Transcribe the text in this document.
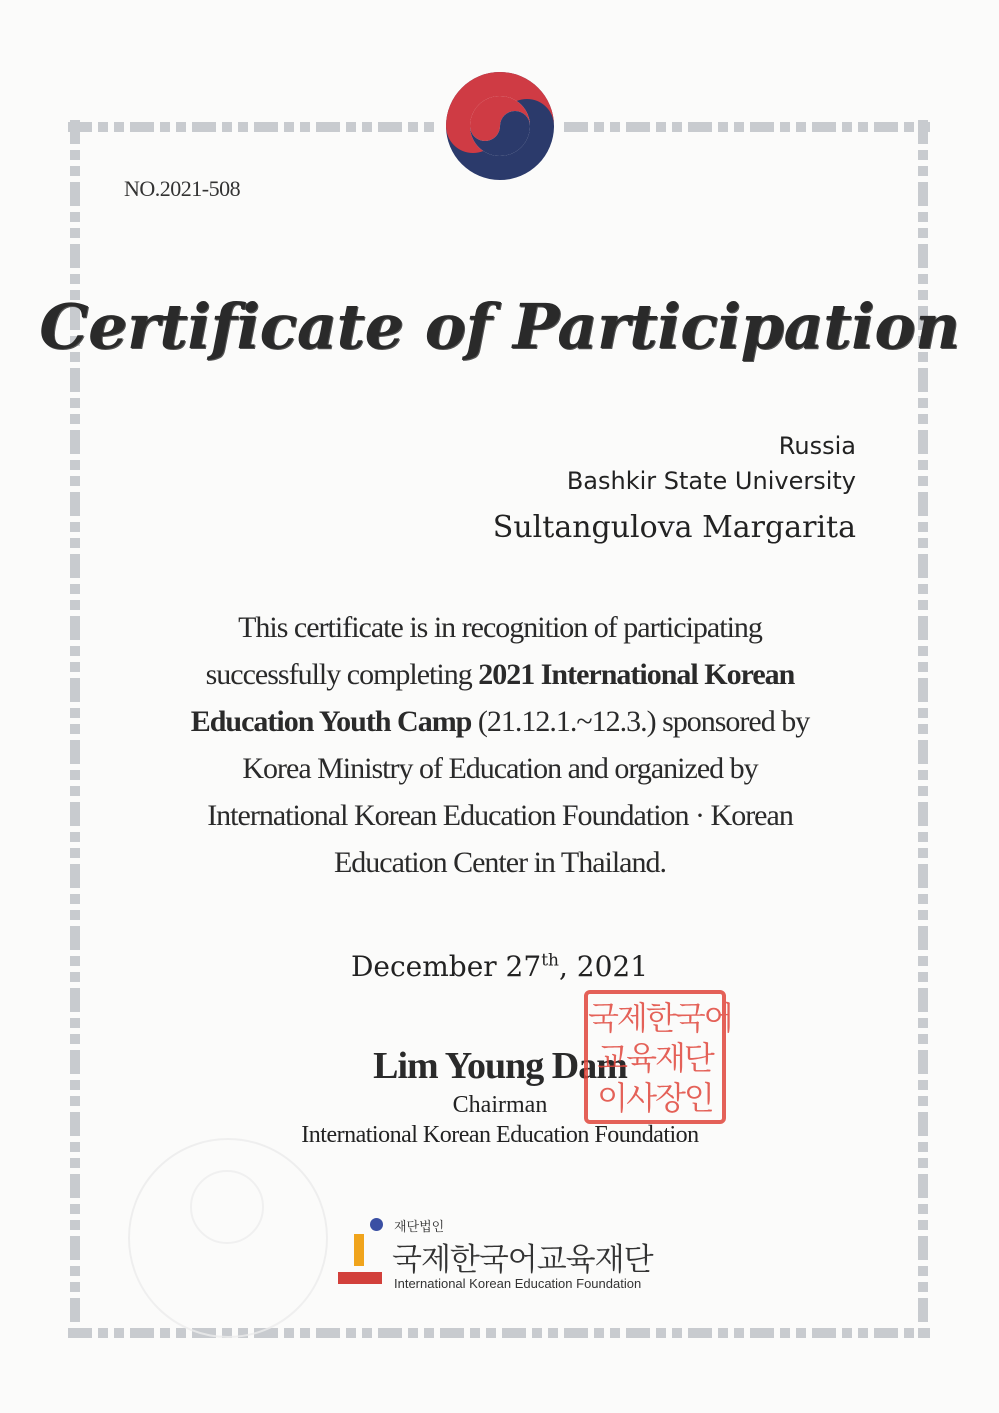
NO.2021-508
Certificate of Participation
Russia
Bashkir State University
Sultangulova Margarita
This certificate is in recognition of participating
successfully completing 2021 International Korean
Education Youth Camp (21.12.1.~12.3.) sponsored by
Korea Ministry of Education and organized by
International Korean Education Foundation · Korean
Education Center in Thailand.
December 27th, 2021
Lim Young Dam
Chairman
International Korean Education Foundation
국제한국어
교육재단
이사장인
재단법인
국제한국어교육재단
International Korean Education Foundation
